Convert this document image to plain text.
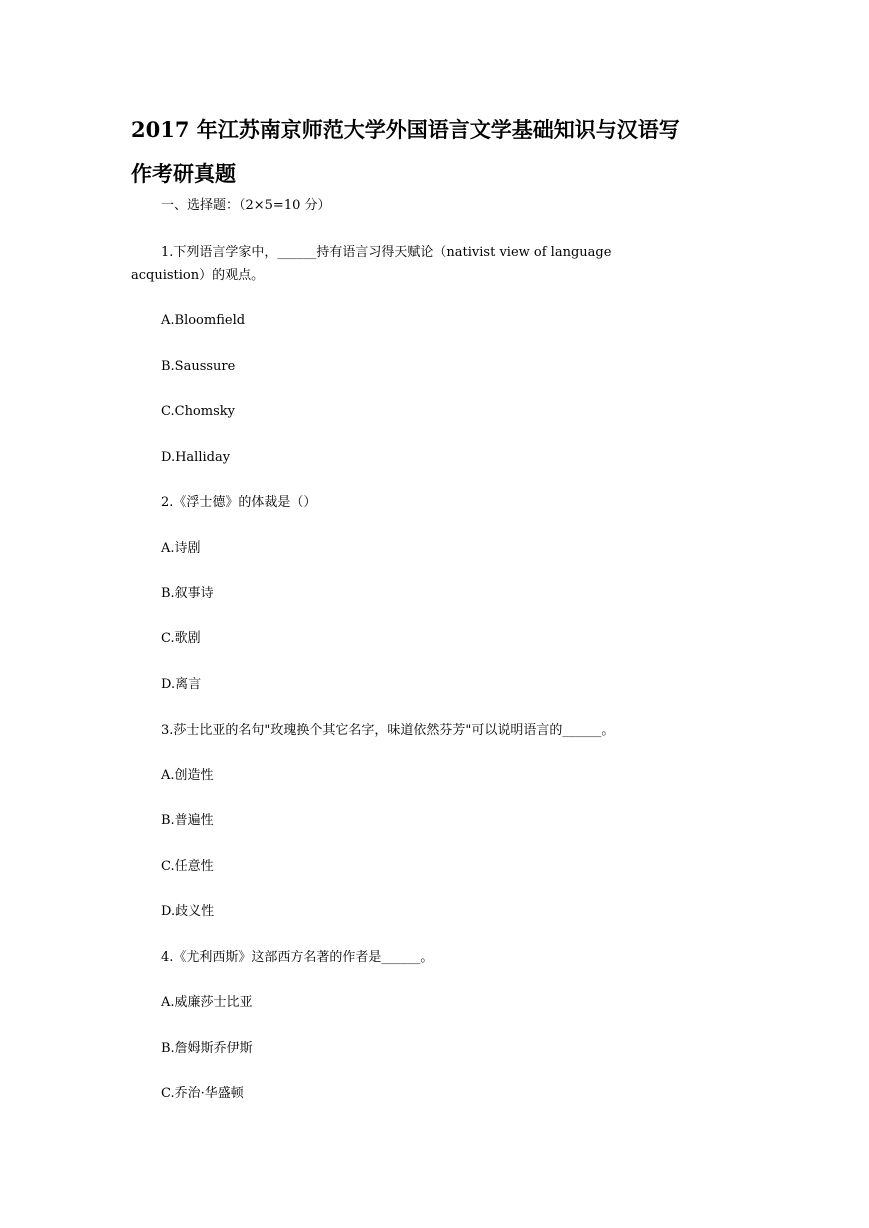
2017 年江苏南京师范大学外国语言文学基础知识与汉语写
作考研真题

一、选择题：（2×5=10 分）

1.下列语言学家中，______持有语言习得天赋论（nativist view of language

acquistion）的观点。

A.Bloomfield

B.Saussure

C.Chomsky

D.Halliday

2.《浮士德》的体裁是（）

A.诗剧

B.叙事诗

C.歌剧

D.离言

3.莎士比亚的名句"玫瑰换个其它名字，味道依然芬芳"可以说明语言的______。

A.创造性

B.普遍性

C.任意性

D.歧义性

4.《尤利西斯》这部西方名著的作者是______。

A.威廉莎士比亚

B.詹姆斯乔伊斯

C.乔治·华盛顿
